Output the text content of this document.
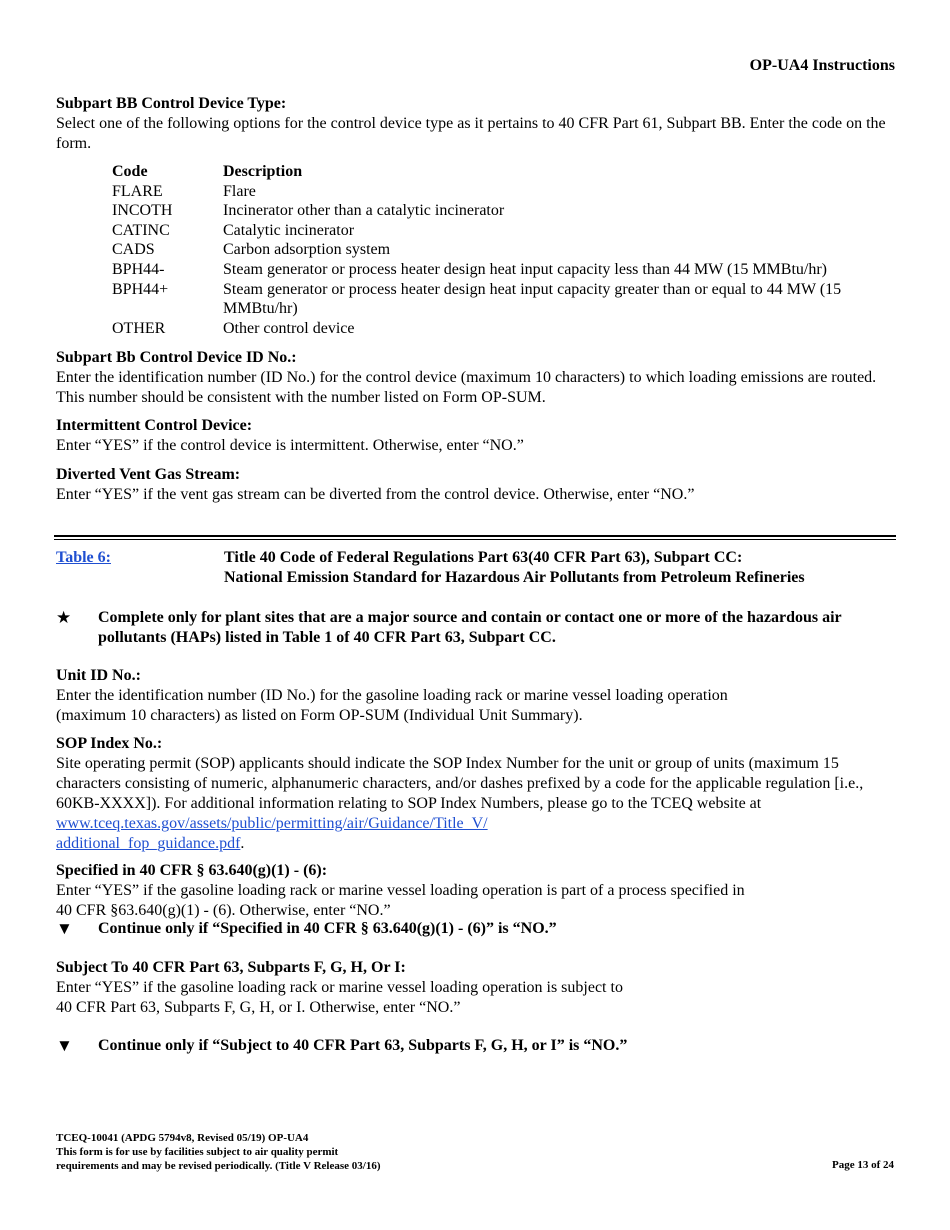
OP-UA4 Instructions
Subpart BB Control Device Type:
Select one of the following options for the control device type as it pertains to 40 CFR Part 61, Subpart BB. Enter the code on the form.
Code	Description
FLARE	Flare
INCOTH	Incinerator other than a catalytic incinerator
CATINC	Catalytic incinerator
CADS	Carbon adsorption system
BPH44-	Steam generator or process heater design heat input capacity less than 44 MW (15 MMBtu/hr)
BPH44+	Steam generator or process heater design heat input capacity greater than or equal to 44 MW (15 MMBtu/hr)
OTHER	Other control device
Subpart Bb Control Device ID No.:
Enter the identification number (ID No.) for the control device (maximum 10 characters) to which loading emissions are routed. This number should be consistent with the number listed on Form OP-SUM.
Intermittent Control Device:
Enter “YES” if the control device is intermittent. Otherwise, enter “NO.”
Diverted Vent Gas Stream:
Enter “YES” if the vent gas stream can be diverted from the control device. Otherwise, enter “NO.”
Table 6:	Title 40 Code of Federal Regulations Part 63(40 CFR Part 63), Subpart CC:
National Emission Standard for Hazardous Air Pollutants from Petroleum Refineries
★ Complete only for plant sites that are a major source and contain or contact one or more of the hazardous air pollutants (HAPs) listed in Table 1 of 40 CFR Part 63, Subpart CC.
Unit ID No.:
Enter the identification number (ID No.) for the gasoline loading rack or marine vessel loading operation
(maximum 10 characters) as listed on Form OP-SUM (Individual Unit Summary).
SOP Index No.:
Site operating permit (SOP) applicants should indicate the SOP Index Number for the unit or group of units (maximum 15 characters consisting of numeric, alphanumeric characters, and/or dashes prefixed by a code for the applicable regulation [i.e., 60KB-XXXX]). For additional information relating to SOP Index Numbers, please go to the TCEQ website at www.tceq.texas.gov/assets/public/permitting/air/Guidance/Title_V/
additional_fop_guidance.pdf.
Specified in 40 CFR § 63.640(g)(1) - (6):
Enter “YES” if the gasoline loading rack or marine vessel loading operation is part of a process specified in
40 CFR §63.640(g)(1) - (6). Otherwise, enter “NO.”
▼ Continue only if “Specified in 40 CFR § 63.640(g)(1) - (6)” is “NO.”
Subject To 40 CFR Part 63, Subparts F, G, H, Or I:
Enter “YES” if the gasoline loading rack or marine vessel loading operation is subject to
40 CFR Part 63, Subparts F, G, H, or I. Otherwise, enter “NO.”
▼ Continue only if “Subject to 40 CFR Part 63, Subparts F, G, H, or I” is “NO.”
TCEQ-10041 (APDG 5794v8, Revised 05/19) OP-UA4
This form is for use by facilities subject to air quality permit
requirements and may be revised periodically. (Title V Release 03/16)	Page 13 of 24
